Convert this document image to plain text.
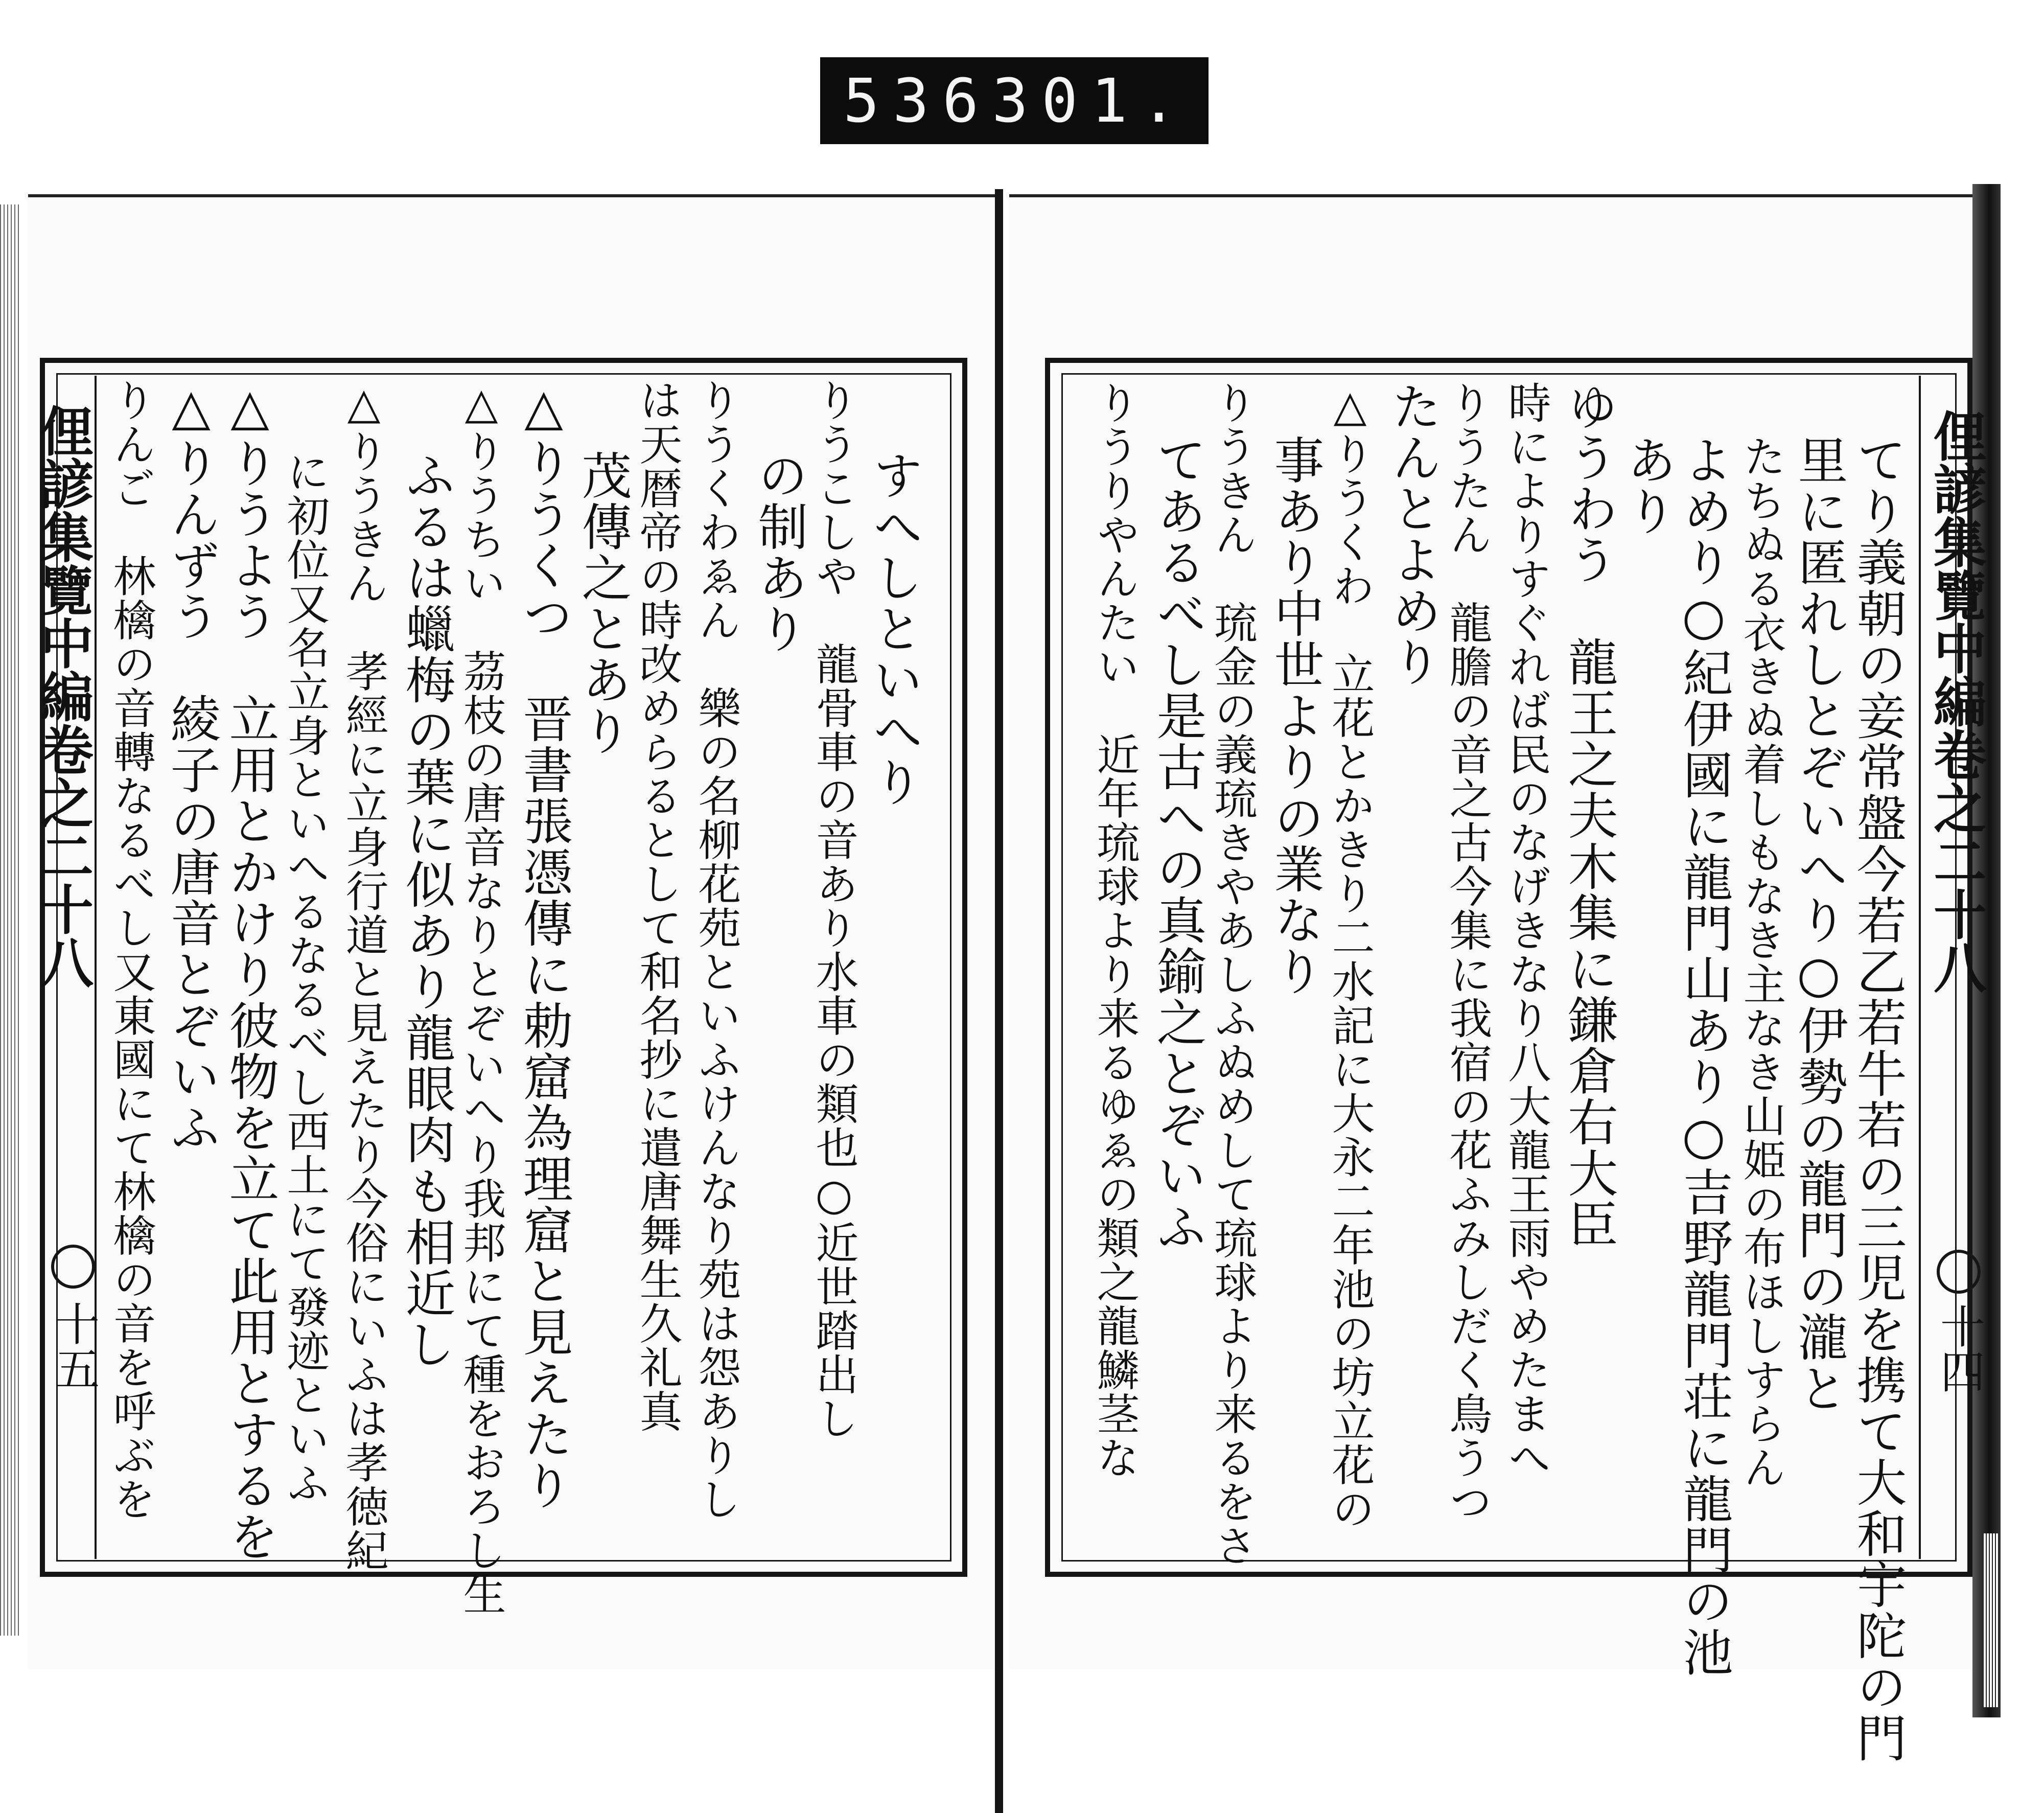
536 301.
俚諺集覽中編卷之二十八
十四
てり義朝の妾常盤今若乙若牛若の三児を携て大和宇陀の門
里に匿れしとぞいへり○伊勢の龍門の瀧と
たちぬる衣きぬ着しもなき主なき山姫の布ほしすらん
よめり○紀伊國に龍門山あり○吉野龍門荘に龍門の池
あり
ゆうわう　龍王之夫木集に鎌倉右大臣
時によりすぐれば民のなげきなり八大龍王雨やめたまへ
りうたん　龍膽の音之古今集に我宿の花ふみしだく鳥うつ
たんとよめり
△りうくわ　立花とかきり二水記に大永二年池の坊立花の
事あり中世よりの業なり
りうきん　琉金の義琉きやあしふぬめして琉球より来るをさ
てあるべし是古への真鍮之とぞいふ
りうりやんたい　近年琉球より来るゆゑの類之龍鱗茎な
俚諺集覽中編卷之二十八
十五
すへしといへり
りうこしや　龍骨車の音あり水車の類也○近世踏出し
の制あり
りうくわゑん　樂の名柳花苑といふけんなり苑は怨ありし
は天暦帝の時改めらるとして和名抄に遣唐舞生久礼真
茂傳之とあり
△りうくつ　晋書張憑傳に勅窟為理窟と見えたり
△りうちい　茘枝の唐音なりとぞいへり我邦にて種をおろし生
ふるは蠟梅の葉に似あり龍眼肉も相近し
△りうきん　孝經に立身行道と見えたり今俗にいふは孝徳紀
に初位又名立身といへるなるべし西土にて發迹といふ
△りうよう　立用とかけり彼物を立て此用とするを
△りんずう　綾子の唐音とぞいふ
りんご　林檎の音轉なるべし又東國にて林檎の音を呼ぶを
